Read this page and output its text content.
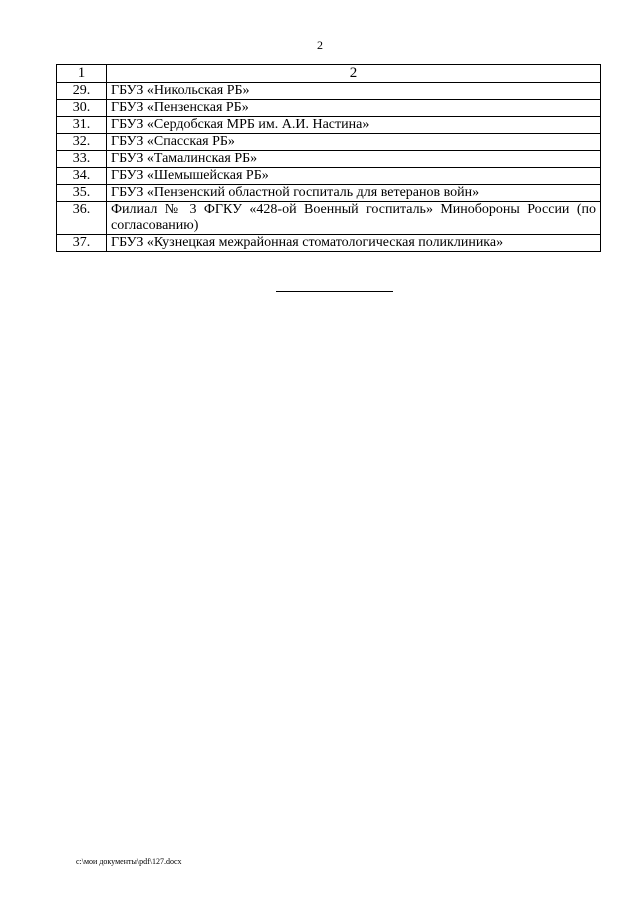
2
1	2
29.	ГБУЗ «Никольская РБ»
30.	ГБУЗ «Пензенская РБ»
31.	ГБУЗ «Сердобская МРБ им. А.И. Настина»
32.	ГБУЗ «Спасская РБ»
33.	ГБУЗ «Тамалинская РБ»
34.	ГБУЗ «Шемышейская РБ»
35.	ГБУЗ «Пензенский областной госпиталь для ветеранов войн»
36.	Филиал № 3 ФГКУ «428-ой Военный госпиталь» Минобороны России (по согласованию)
37.	ГБУЗ «Кузнецкая межрайонная стоматологическая поликлиника»
c:\мои документы\pdf\127.docx
